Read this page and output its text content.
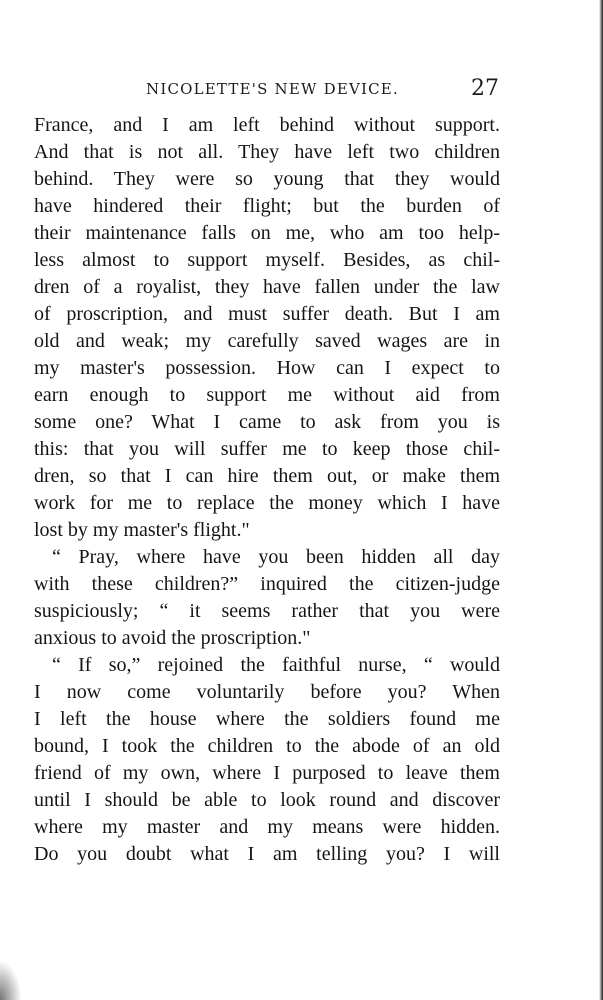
NICOLETTE'S NEW DEVICE.	27
France, and I am left behind without support.
And that is not all. They have left two children
behind. They were so young that they would
have hindered their flight; but the burden of
their maintenance falls on me, who am too help-
less almost to support myself. Besides, as chil-
dren of a royalist, they have fallen under the law
of proscription, and must suffer death. But I am
old and weak; my carefully saved wages are in
my master's possession. How can I expect to
earn enough to support me without aid from
some one? What I came to ask from you is
this: that you will suffer me to keep those chil-
dren, so that I can hire them out, or make them
work for me to replace the money which I have
lost by my master's flight."
“ Pray, where have you been hidden all day
with these children?” inquired the citizen-judge
suspiciously; “ it seems rather that you were
anxious to avoid the proscription."
“ If so,” rejoined the faithful nurse, “ would
I now come voluntarily before you? When
I left the house where the soldiers found me
bound, I took the children to the abode of an old
friend of my own, where I purposed to leave them
until I should be able to look round and discover
where my master and my means were hidden.
Do you doubt what I am telling you? I will
